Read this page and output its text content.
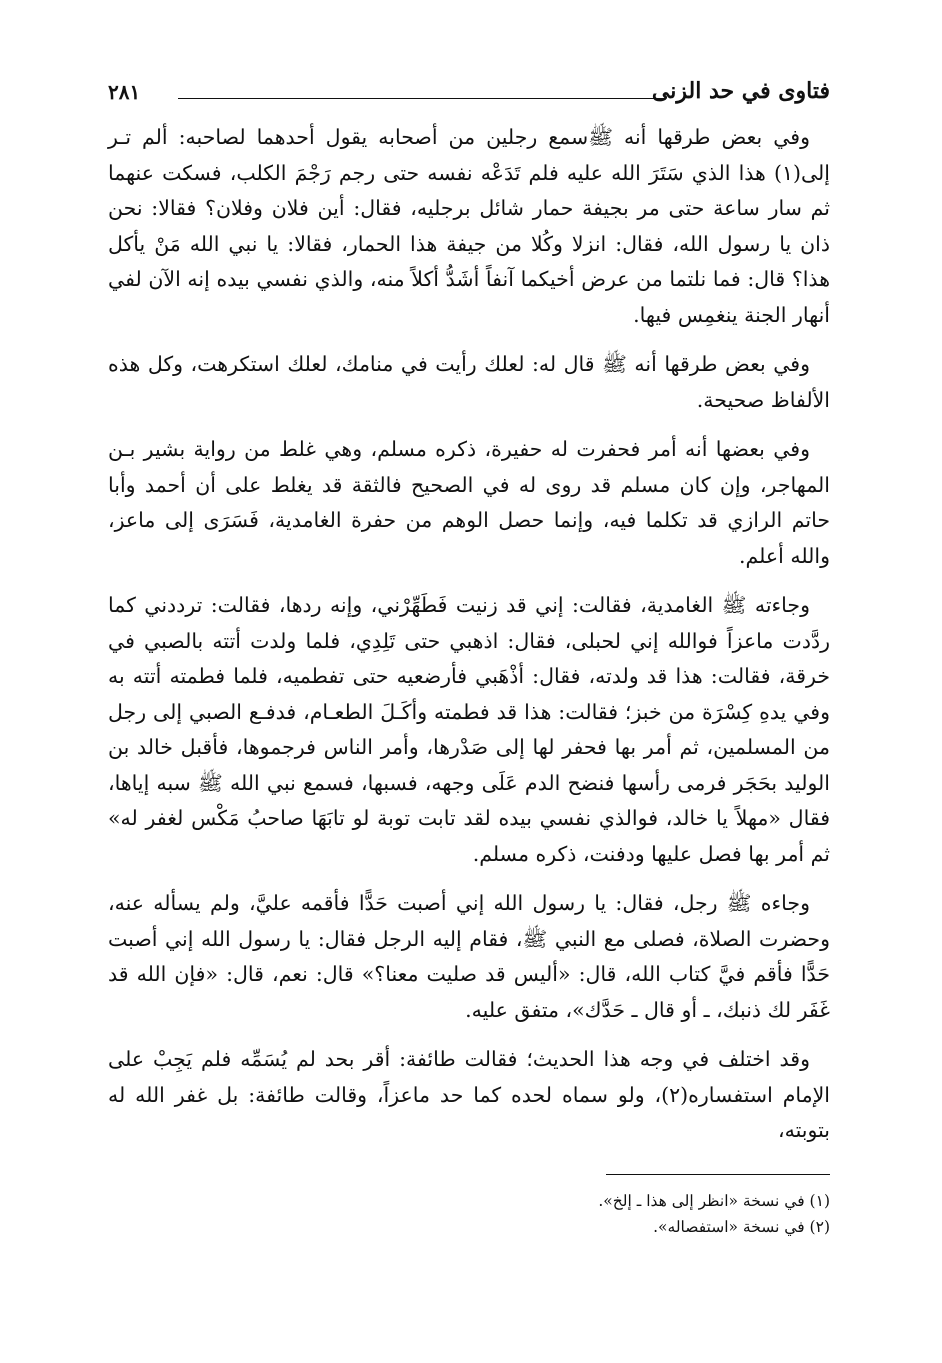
فتاوى في حد الزنى
٢٨١

وفي بعض طرقها أنه ﷺسمع رجلين من أصحابه يقول أحدهما لصاحبه: ألم تـر إلى(١) هذا الذي سَتَرَ الله عليه فلم تَدَعْه نفسه حتى رجم رَجْمَ الكلب، فسكت عنهما ثم سار ساعة حتى مر بجيفة حمار شائل برجليه، فقال: أين فلان وفلان؟ فقالا: نحن ذان يا رسول الله، فقال: انزلا وكُلا من جيفة هذا الحمار، فقالا: يا نبي الله مَنْ يأكل هذا؟ قال: فما نلتما من عرض أخيكما آنفاً أشَدُّ أكلاً منه، والذي نفسي بيده إنه الآن لفي أنهار الجنة ينغمِس فيها.

وفي بعض طرقها أنه ﷺ قال له: لعلك رأيت في منامك، لعلك استكرهت، وكل هذه الألفاظ صحيحة.

وفي بعضها أنه أمر فحفرت له حفيرة، ذكره مسلم، وهي غلط من رواية بشير بـن المهاجر، وإن كان مسلم قد روى له في الصحيح فالثقة قد يغلط على أن أحمد وأبا حاتم الرازي قد تكلما فيه، وإنما حصل الوهم من حفرة الغامدية، فَسَرَى إلى ماعز، والله أعلم.

وجاءته ﷺ الغامدية، فقالت: إني قد زنيت فَطَهِّرْني، وإنه ردها، فقالت: ترددني كما ردَّدت ماعزاً فوالله إني لحبلى، فقال: اذهبي حتى تَلِدِي، فلما ولدت أتته بالصبي في خرقة، فقالت: هذا قد ولدته، فقال: أذْهَبي فأرضعيه حتى تفطميه، فلما فطمته أتته به وفي يدهِ كِسْرَة من خبز؛ فقالت: هذا قد فطمته وأكَـلَ الطعـام، فدفـع الصبي إلى رجل من المسلمين، ثم أمر بها فحفر لها إلى صَدْرها، وأمر الناس فرجموها، فأقبل خالد بن الوليد بحَجَر فرمى رأسها فنضح الدم عَلَى وجهه، فسبها، فسمع نبي الله ﷺ سبه إياها، فقال «مهلاً يا خالد، فوالذي نفسي بيده لقد تابت توبة لو تابَهَا صاحبُ مَكْس لغفر له» ثم أمر بها فصل عليها ودفنت، ذكره مسلم.

وجاءه ﷺ رجل، فقال: يا رسول الله إني أصبت حَدًّا فأقمه عليَّ، ولم يسأله عنه، وحضرت الصلاة، فصلى مع النبي ﷺ، فقام إليه الرجل فقال: يا رسول الله إني أصبت حَدًّا فأقم فيَّ كتاب الله، قال: «أليس قد صليت معنا؟» قال: نعم، قال: «فإن الله قد غَفَر لك ذنبك، ـ أو قال ـ حَدَّك»، متفق عليه.

وقد اختلف في وجه هذا الحديث؛ فقالت طائفة: أقر بحد لم يُسَمِّه فلم يَجِبْ على الإمام استفساره(٢)، ولو سماه لحده كما حد ماعزاً، وقالت طائفة: بل غفر الله له بتوبته،

(١) في نسخة «انظر إلى هذا ـ إلخ».

(٢) في نسخة «استفصاله».
